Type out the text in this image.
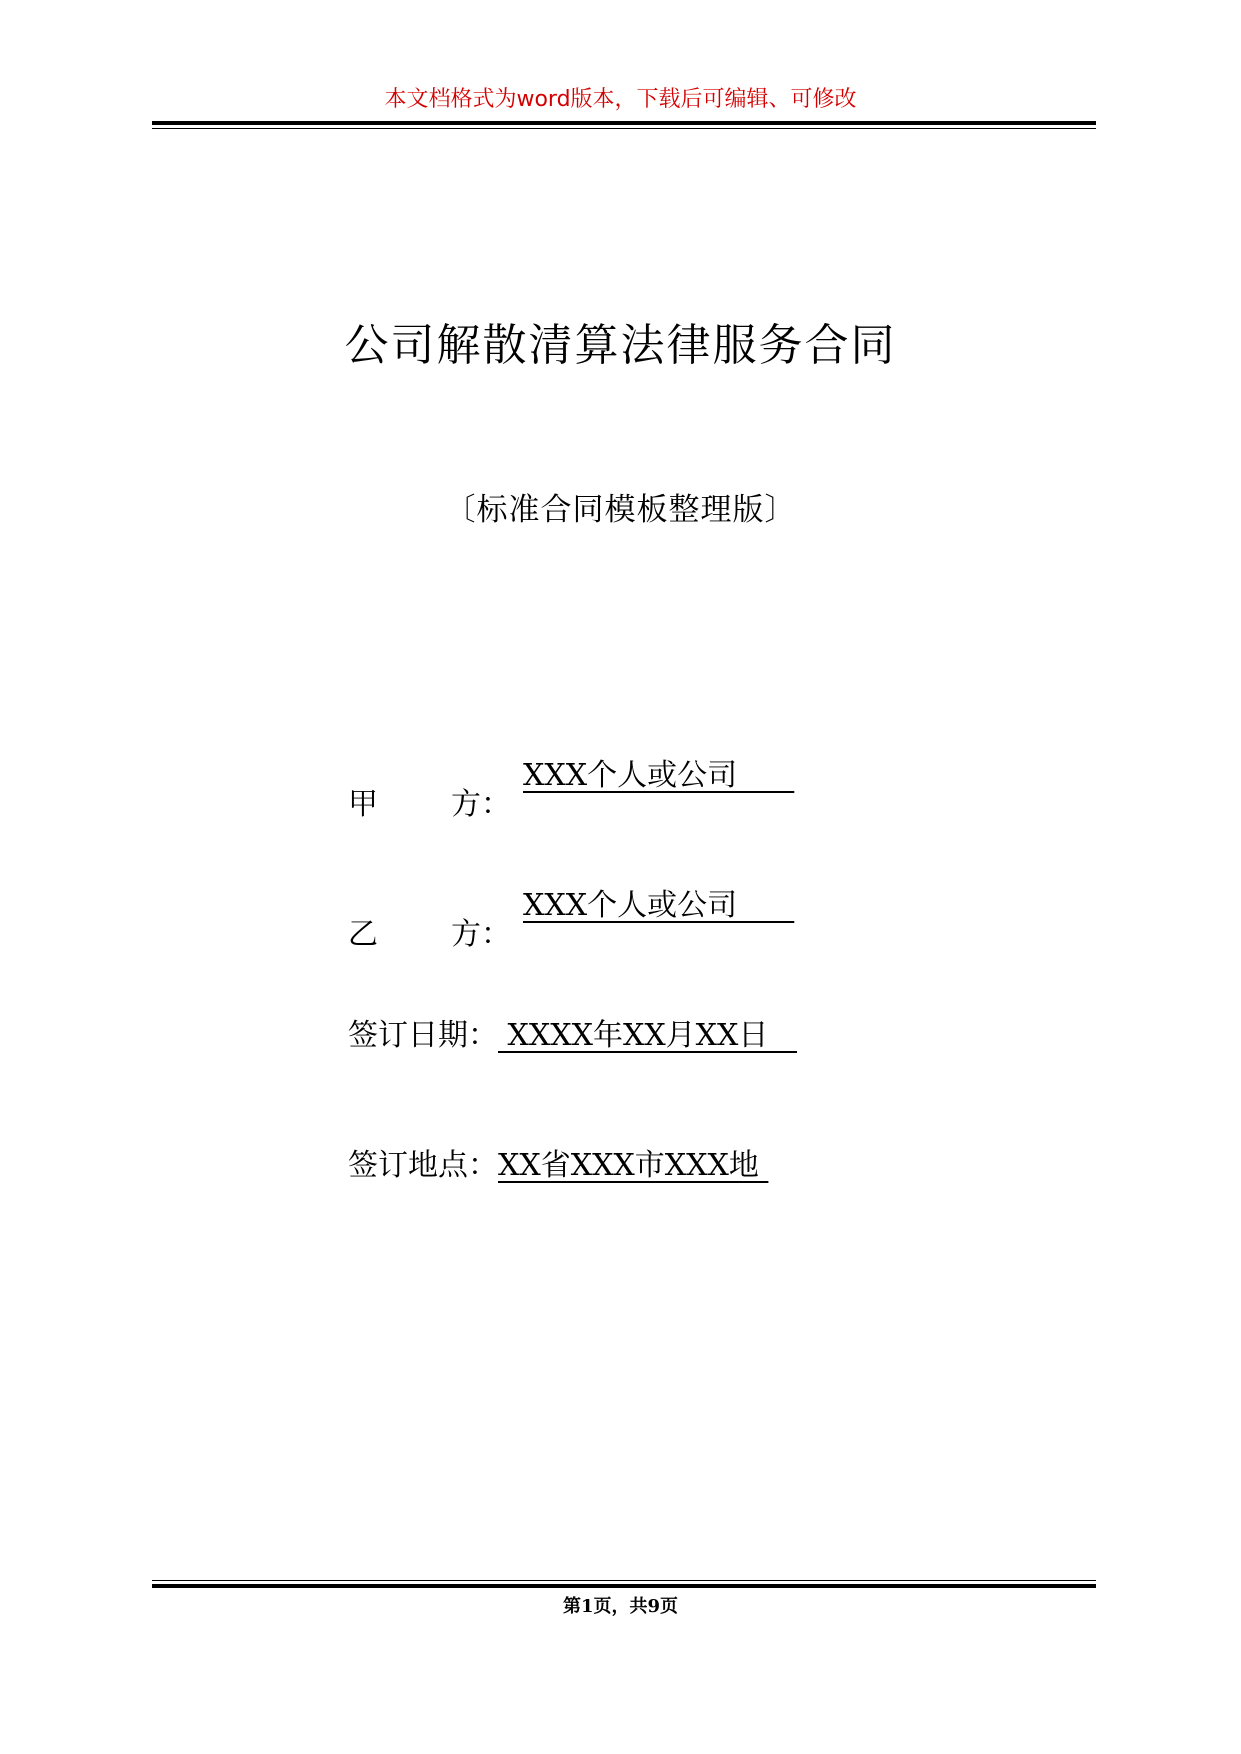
本文档格式为word版本，下载后可编辑、可修改
公司解散清算法律服务合同
〔标准合同模板整理版〕
甲 方：
XXX个人或公司
乙 方：
XXX个人或公司
签订日期： XXXX年XX月XX日
签订地点：XX省XXX市XXX地
第1页，共9页
